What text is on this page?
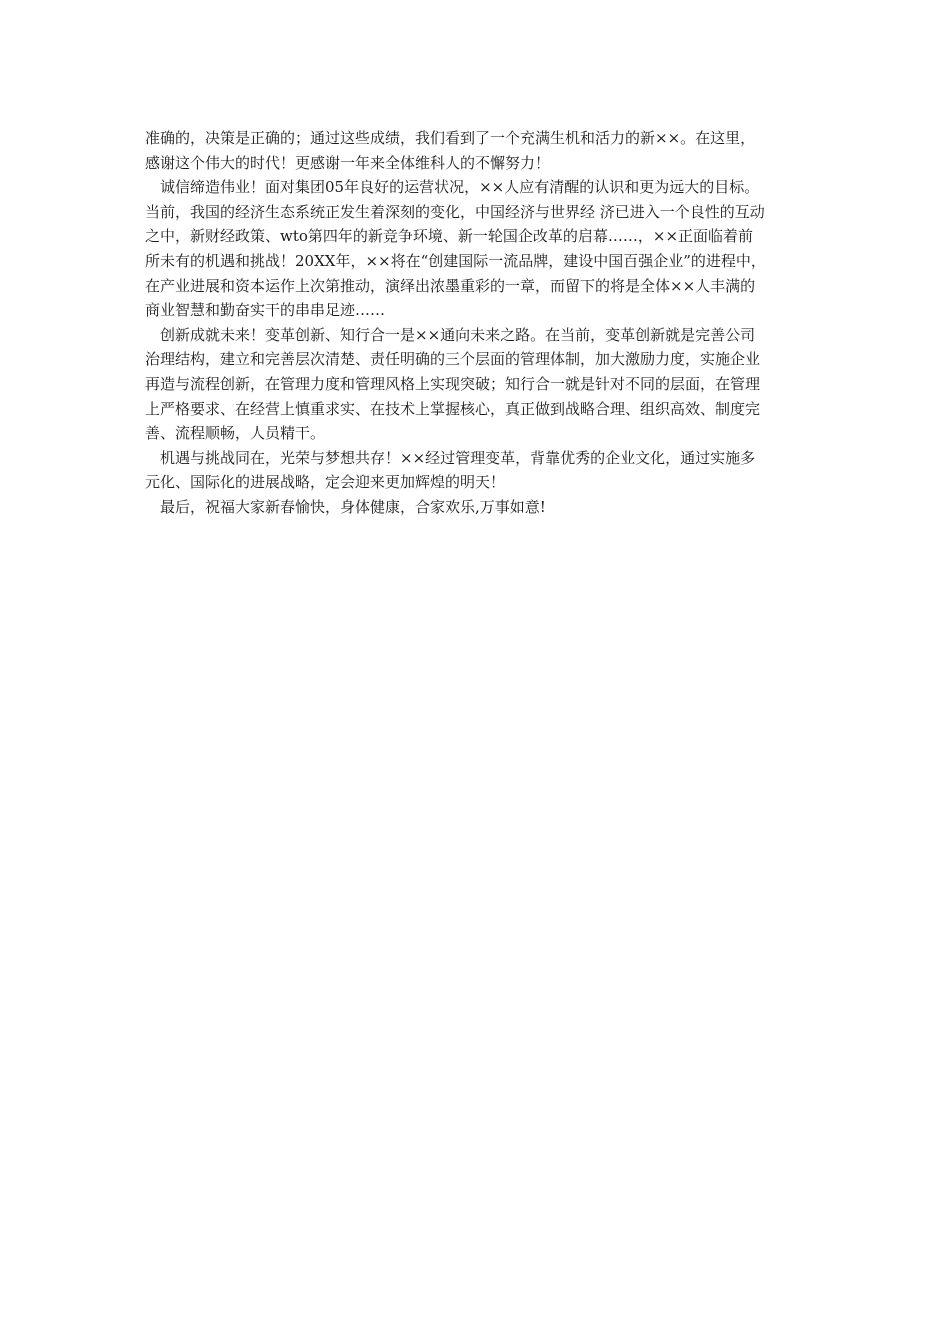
准确的，决策是正确的；通过这些成绩，我们看到了一个充满生机和活力的新××。在这里，
感谢这个伟大的时代！更感谢一年来全体维科人的不懈努力！

诚信缔造伟业！面对集团05年良好的运营状况，××人应有清醒的认识和更为远大的目标。
当前，我国的经济生态系统正发生着深刻的变化，中国经济与世界经 济已进入一个良性的互动
之中，新财经政策、wto第四年的新竞争环境、新一轮国企改革的启幕……，××正面临着前
所未有的机遇和挑战！20XX年，××将在“创建国际一流品牌，建设中国百强企业”的进程中，
在产业进展和资本运作上次第推动，演绎出浓墨重彩的一章，而留下的将是全体××人丰满的
商业智慧和勤奋实干的串串足迹……

创新成就未来！变革创新、知行合一是××通向未来之路。在当前，变革创新就是完善公司
治理结构，建立和完善层次清楚、责任明确的三个层面的管理体制，加大激励力度，实施企业
再造与流程创新，在管理力度和管理风格上实现突破；知行合一就是针对不同的层面，在管理
上严格要求、在经营上慎重求实、在技术上掌握核心，真正做到战略合理、组织高效、制度完
善、流程顺畅，人员精干。

机遇与挑战同在，光荣与梦想共存！××经过管理变革，背靠优秀的企业文化，通过实施多
元化、国际化的进展战略，定会迎来更加辉煌的明天！

最后，祝福大家新春愉快，身体健康，合家欢乐,万事如意!
